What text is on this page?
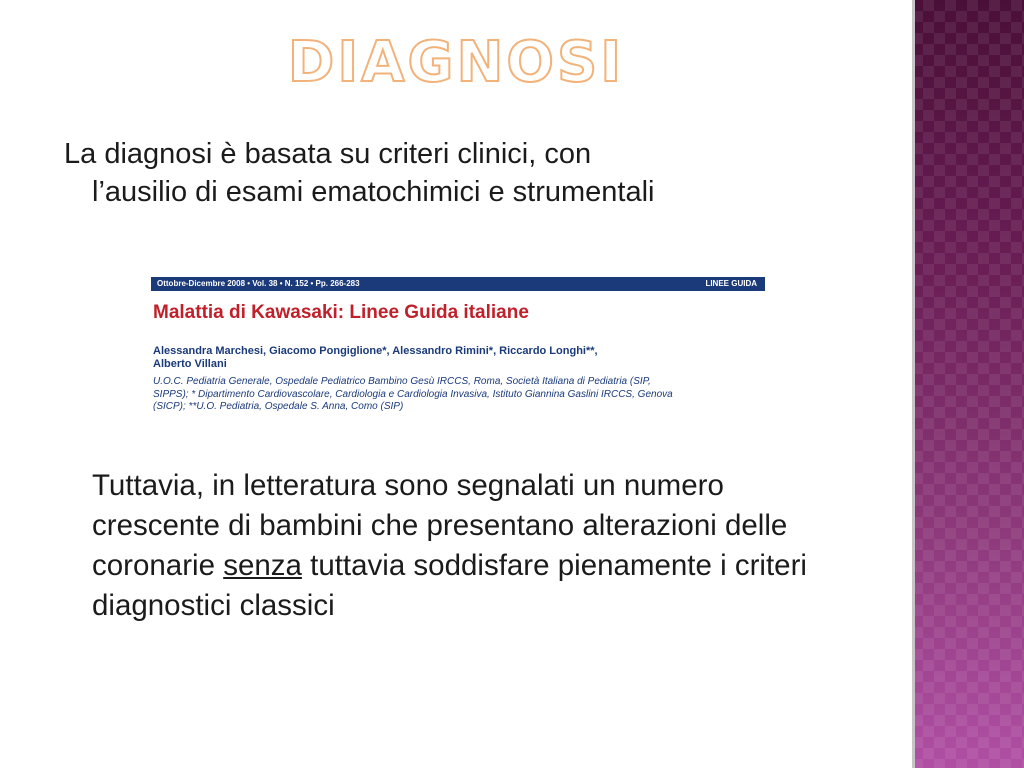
DIAGNOSI
La diagnosi è basata su criteri clinici, con
l’ausilio di esami ematochimici e strumentali
Ottobre-Dicembre 2008 • Vol. 38 • N. 152 • Pp. 266-283	LINEE GUIDA
Malattia di Kawasaki: Linee Guida italiane
Alessandra Marchesi, Giacomo Pongiglione*, Alessandro Rimini*, Riccardo Longhi**,
Alberto Villani
U.O.C. Pediatria Generale, Ospedale Pediatrico Bambino Gesù IRCCS, Roma, Società Italiana di Pediatria (SIP,
SIPPS); * Dipartimento Cardiovascolare, Cardiologia e Cardiologia Invasiva, Istituto Giannina Gaslini IRCCS, Genova
(SICP); **U.O. Pediatria, Ospedale S. Anna, Como (SIP)
Tuttavia, in letteratura sono segnalati un numero crescente di bambini che presentano alterazioni delle coronarie senza tuttavia soddisfare pienamente i criteri diagnostici classici
